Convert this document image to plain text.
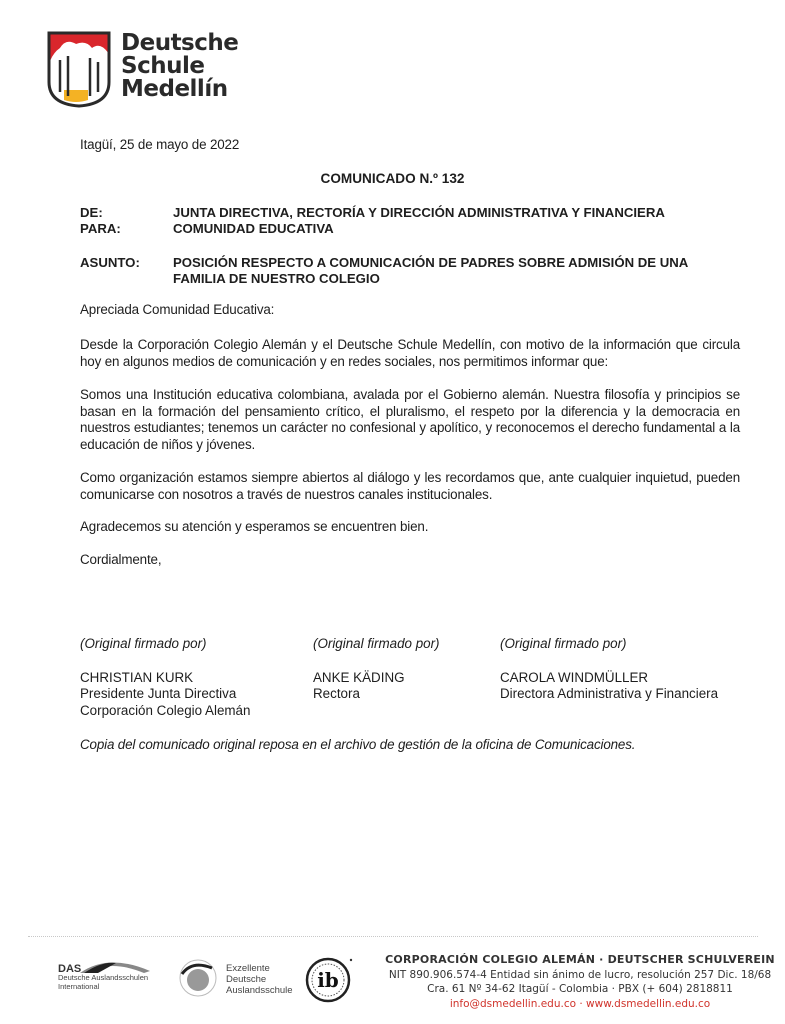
Deutsche
Schule
Medellín
Itagüí, 25 de mayo de 2022
COMUNICADO N.º 132
DE:	JUNTA DIRECTIVA, RECTORÍA Y DIRECCIÓN ADMINISTRATIVA Y FINANCIERA
PARA:	COMUNIDAD EDUCATIVA
ASUNTO:	POSICIÓN RESPECTO A COMUNICACIÓN DE PADRES SOBRE ADMISIÓN DE UNA FAMILIA DE NUESTRO COLEGIO
Apreciada Comunidad Educativa:
Desde la Corporación Colegio Alemán y el Deutsche Schule Medellín, con motivo de la información que circula hoy en algunos medios de comunicación y en redes sociales, nos permitimos informar que:
Somos una Institución educativa colombiana, avalada por el Gobierno alemán. Nuestra filosofía y principios se basan en la formación del pensamiento crítico, el pluralismo, el respeto por la diferencia y la democracia en nuestros estudiantes; tenemos un carácter no confesional y apolítico, y reconocemos el derecho fundamental a la educación de niños y jóvenes.
Como organización estamos siempre abiertos al diálogo y les recordamos que, ante cualquier inquietud, pueden comunicarse con nosotros a través de nuestros canales institucionales.
Agradecemos su atención y esperamos se encuentren bien.
Cordialmente,
(Original firmado por)
CHRISTIAN KURK
Presidente Junta Directiva
Corporación Colegio Alemán
(Original firmado por)
ANKE KÄDING
Rectora
(Original firmado por)
CAROLA WINDMÜLLER
Directora Administrativa y Financiera
Copia del comunicado original reposa en el archivo de gestión de la oficina de Comunicaciones.
DAS
Deutsche Auslandsschulen
International
Exzellente
Deutsche
Auslandsschule ib
CORPORACIÓN COLEGIO ALEMÁN · DEUTSCHER SCHULVEREIN
NIT 890.906.574-4 Entidad sin ánimo de lucro, resolución 257 Dic. 18/68
Cra. 61 Nº 34-62 Itagüí - Colombia · PBX (+ 604) 2818811
info@dsmedellin.edu.co · www.dsmedellin.edu.co
